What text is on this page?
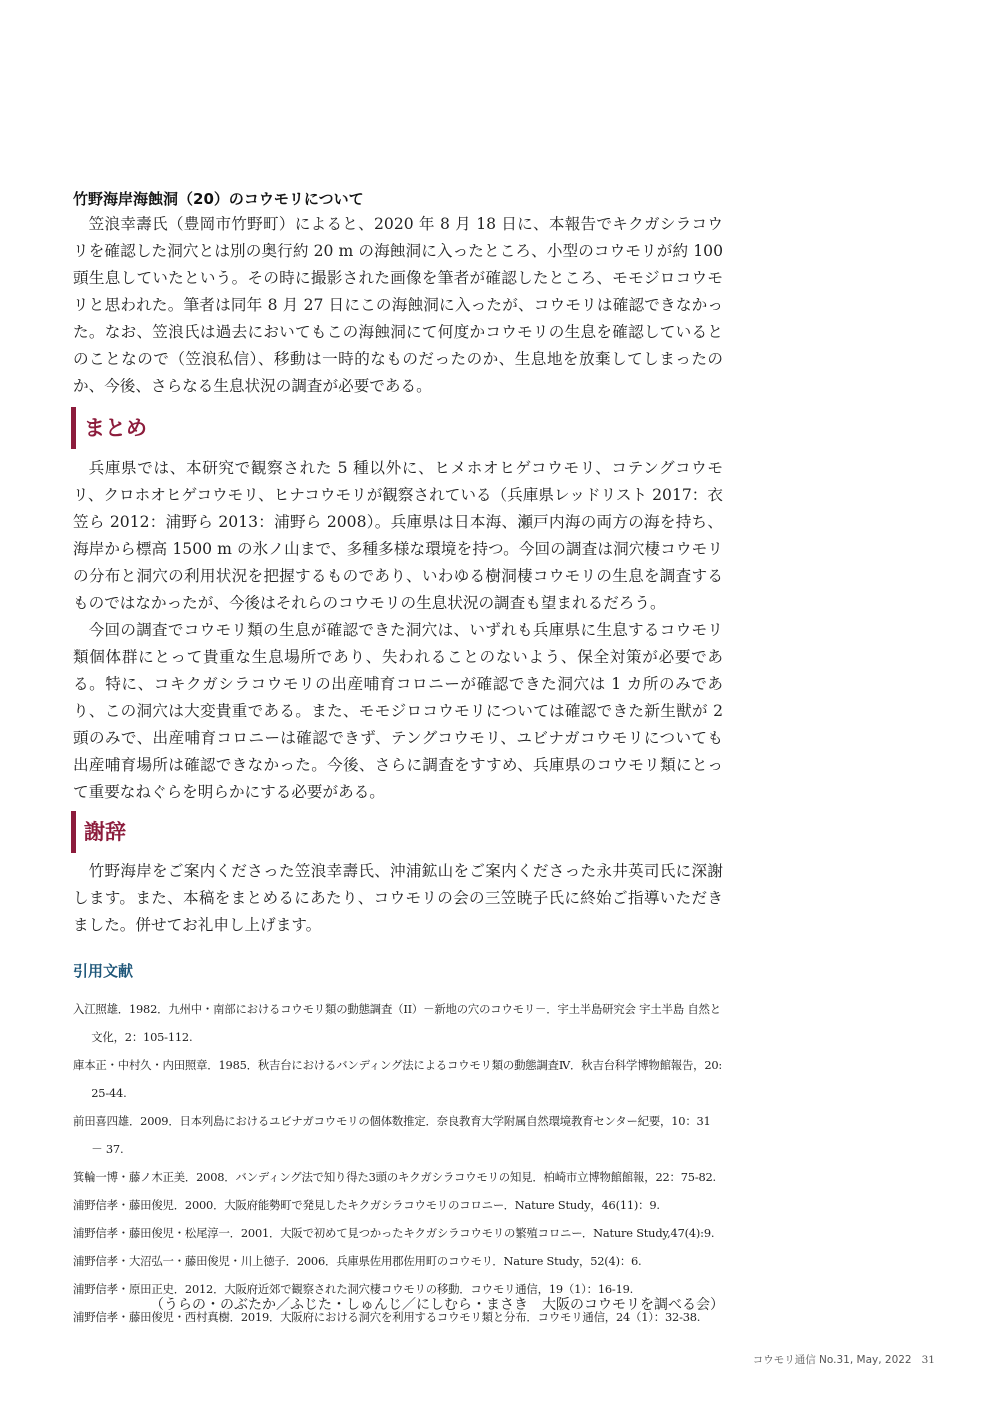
竹野海岸海蝕洞（20）のコウモリについて
笠浪幸壽氏（豊岡市竹野町）によると、2020 年 8 月 18 日に、本報告でキクガシラコウリを確認した洞穴とは別の奥行約 20 m の海蝕洞に入ったところ、小型のコウモリが約 100 頭生息していたという。その時に撮影された画像を筆者が確認したところ、モモジロコウモリと思われた。筆者は同年 8 月 27 日にこの海蝕洞に入ったが、コウモリは確認できなかった。なお、笠浪氏は過去においてもこの海蝕洞にて何度かコウモリの生息を確認しているとのことなので（笠浪私信）、移動は一時的なものだったのか、生息地を放棄してしまったのか、今後、さらなる生息状況の調査が必要である。
まとめ
兵庫県では、本研究で観察された 5 種以外に、ヒメホオヒゲコウモリ、コテングコウモリ、クロホオヒゲコウモリ、ヒナコウモリが観察されている（兵庫県レッドリスト 2017：衣笠ら 2012：浦野ら 2013：浦野ら 2008）。兵庫県は日本海、瀬戸内海の両方の海を持ち、海岸から標高 1500 m の氷ノ山まで、多種多様な環境を持つ。今回の調査は洞穴棲コウモリの分布と洞穴の利用状況を把握するものであり、いわゆる樹洞棲コウモリの生息を調査するものではなかったが、今後はそれらのコウモリの生息状況の調査も望まれるだろう。
今回の調査でコウモリ類の生息が確認できた洞穴は、いずれも兵庫県に生息するコウモリ類個体群にとって貴重な生息場所であり、失われることのないよう、保全対策が必要である。特に、コキクガシラコウモリの出産哺育コロニーが確認できた洞穴は 1 カ所のみであり、この洞穴は大変貴重である。また、モモジロコウモリについては確認できた新生獣が 2 頭のみで、出産哺育コロニーは確認できず、テングコウモリ、ユビナガコウモリについても出産哺育場所は確認できなかった。今後、さらに調査をすすめ、兵庫県のコウモリ類にとって重要なねぐらを明らかにする必要がある。
謝辞
竹野海岸をご案内くださった笠浪幸壽氏、沖浦鉱山をご案内くださった永井英司氏に深謝します。また、本稿をまとめるにあたり、コウモリの会の三笠暁子氏に終始ご指導いただきました。併せてお礼申し上げます。
引用文献
入江照雄．1982．九州中・南部におけるコウモリ類の動態調査（II）－新地の穴のコウモリ－．宇土半島研究会 宇土半島 自然と文化，2：105-112.
庫本正・中村久・内田照章．1985．秋吉台におけるバンディング法によるコウモリ類の動態調査Ⅳ．秋吉台科学博物館報告，20: 25-44.
前田喜四雄．2009．日本列島におけるユビナガコウモリの個体数推定．奈良教育大学附属自然環境教育センター紀要，10：31 － 37.
箕輪一博・藤ノ木正美．2008．バンディング法で知り得た3頭のキクガシラコウモリの知見．柏崎市立博物館館報，22：75-82.
浦野信孝・藤田俊児．2000．大阪府能勢町で発見したキクガシラコウモリのコロニー．Nature Study，46(11)：9.
浦野信孝・藤田俊児・松尾淳一．2001．大阪で初めて見つかったキクガシラコウモリの繁殖コロニー．Nature Study,47(4):9.
浦野信孝・大沼弘一・藤田俊児・川上徳子．2006．兵庫県佐用郡佐用町のコウモリ．Nature Study，52(4)：6.
浦野信孝・原田正史．2012．大阪府近郊で観察された洞穴棲コウモリの移動．コウモリ通信，19（1）：16-19.
浦野信孝・藤田俊児・西村真樹．2019．大阪府における洞穴を利用するコウモリ類と分布．コウモリ通信，24（1）：32-38.
（うらの・のぶたか／ふじた・しゅんじ／にしむら・まさき　大阪のコウモリを調べる会）
コウモリ通信 No.31, May, 2022 31
